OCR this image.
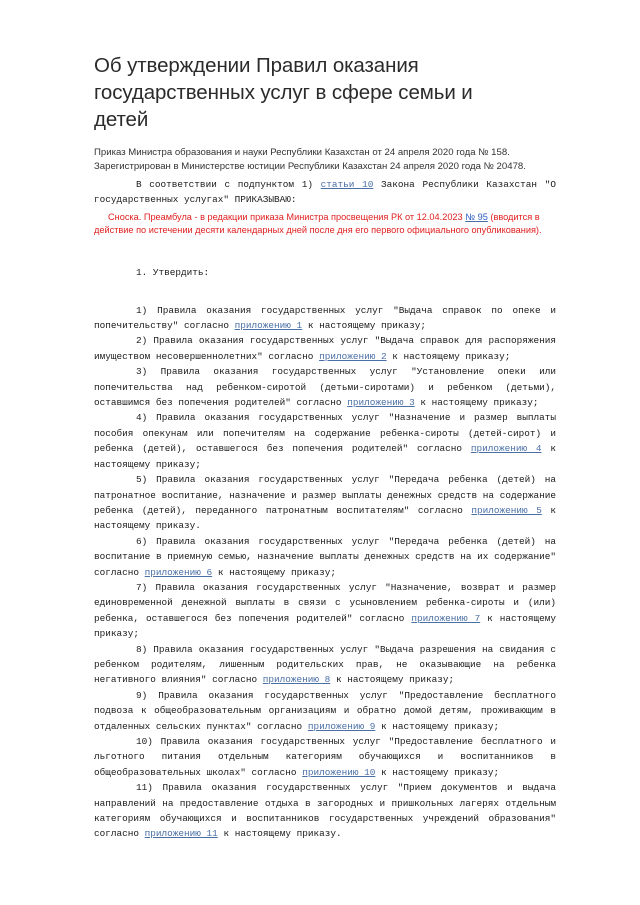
Об утверждении Правил оказания государственных услуг в сфере семьи и детей

Приказ Министра образования и науки Республики Казахстан от 24 апреля 2020 года № 158.

Зарегистрирован в Министерстве юстиции Республики Казахстан 24 апреля 2020 года № 20478.

В соответствии с подпунктом 1) статьи 10 Закона Республики Казахстан "О государственных услугах" ПРИКАЗЫВАЮ:

Сноска. Преамбула - в редакции приказа Министра просвещения РК от 12.04.2023 № 95 (вводится в действие по истечении десяти календарных дней после дня его первого официального опубликования).

1. Утвердить:

1) Правила оказания государственных услуг "Выдача справок по опеке и попечительству" согласно приложению 1 к настоящему приказу;

2) Правила оказания государственных услуг "Выдача справок для распоряжения имуществом несовершеннолетних" согласно приложению 2 к настоящему приказу;

3) Правила оказания государственных услуг "Установление опеки или попечительства над ребенком-сиротой (детьми-сиротами) и ребенком (детьми), оставшимся без попечения родителей" согласно приложению 3 к настоящему приказу;

4) Правила оказания государственных услуг "Назначение и размер выплаты пособия опекунам или попечителям на содержание ребенка-сироты (детей-сирот) и ребенка (детей), оставшегося без попечения родителей" согласно приложению 4 к настоящему приказу;

5) Правила оказания государственных услуг "Передача ребенка (детей) на патронатное воспитание, назначение и размер выплаты денежных средств на содержание ребенка (детей), переданного патронатным воспитателям" согласно приложению 5 к настоящему приказу.

6) Правила оказания государственных услуг "Передача ребенка (детей) на воспитание в приемную семью, назначение выплаты денежных средств на их содержание" согласно приложению 6 к настоящему приказу;

7) Правила оказания государственных услуг "Назначение, возврат и размер единовременной денежной выплаты в связи с усыновлением ребенка-сироты и (или) ребенка, оставшегося без попечения родителей" согласно приложению 7 к настоящему приказу;

8) Правила оказания государственных услуг "Выдача разрешения на свидания с ребенком родителям, лишенным родительских прав, не оказывающие на ребенка негативного влияния" согласно приложению 8 к настоящему приказу;

9) Правила оказания государственных услуг "Предоставление бесплатного подвоза к общеобразовательным организациям и обратно домой детям, проживающим в отдаленных сельских пунктах" согласно приложению 9 к настоящему приказу;

10) Правила оказания государственных услуг "Предоставление бесплатного и льготного питания отдельным категориям обучающихся и воспитанников в общеобразовательных школах" согласно приложению 10 к настоящему приказу;

11) Правила оказания государственных услуг "Прием документов и выдача направлений на предоставление отдыха в загородных и пришкольных лагерях отдельным категориям обучающихся и воспитанников государственных учреждений образования" согласно приложению 11 к настоящему приказу.
